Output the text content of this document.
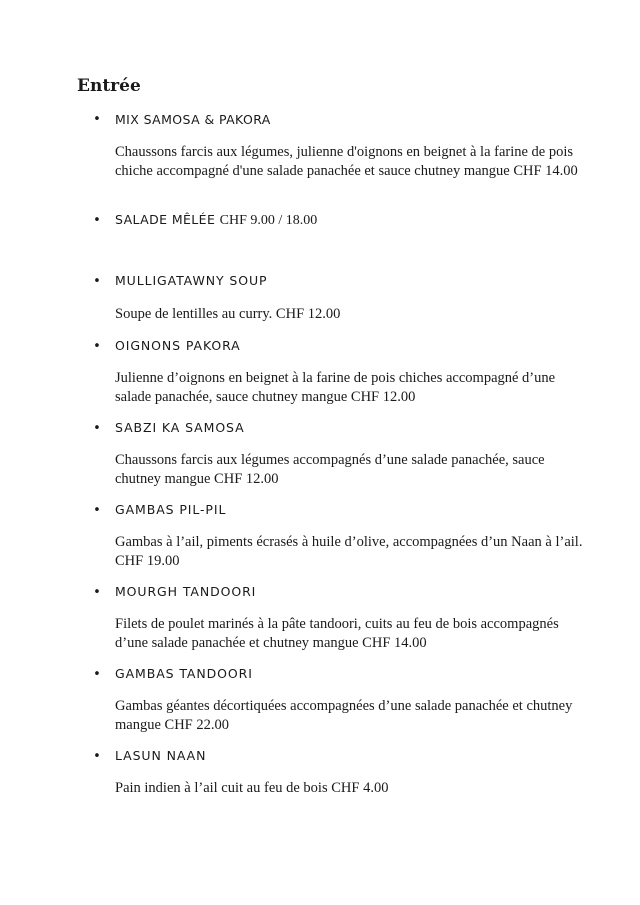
Entrée
• MIX SAMOSA & PAKORA

Chaussons farcis aux légumes, julienne d'oignons en beignet à la farine de pois chiche accompagné d'une salade panachée et sauce chutney mangue CHF 14.00

• SALADE MÊLÉE CHF 9.00 / 18.00
• MULLIGATAWNY SOUP

Soupe de lentilles au curry. CHF 12.00

• OIGNONS PAKORA

Julienne d’oignons en beignet à la farine de pois chiches accompagné d’une salade panachée, sauce chutney mangue CHF 12.00

• SABZI KA SAMOSA

Chaussons farcis aux légumes accompagnés d’une salade panachée, sauce chutney mangue CHF 12.00

• GAMBAS PIL-PIL

Gambas à l’ail, piments écrasés à huile d’olive, accompagnées d’un Naan à l’ail. CHF 19.00

• MOURGH TANDOORI

Filets de poulet marinés à la pâte tandoori, cuits au feu de bois accompagnés d’une salade panachée et chutney mangue CHF 14.00

• GAMBAS TANDOORI

Gambas géantes décortiquées accompagnées d’une salade panachée et chutney mangue CHF 22.00

• LASUN NAAN

Pain indien à l’ail cuit au feu de bois CHF 4.00
